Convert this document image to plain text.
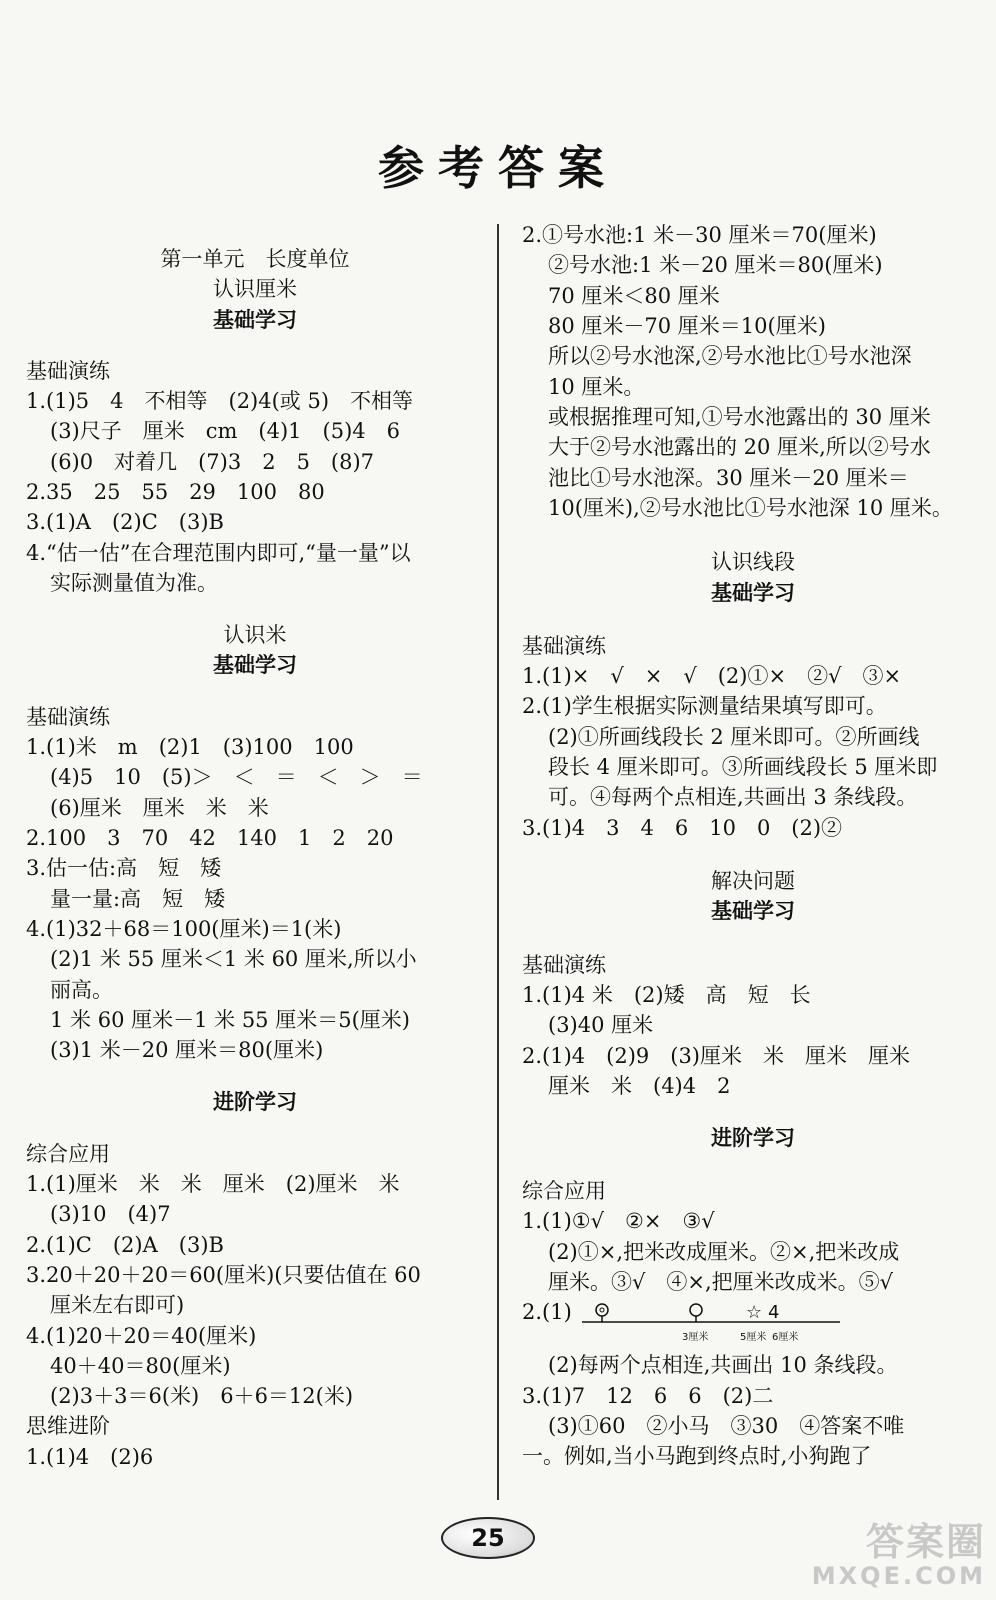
参考答案
第一单元　长度单位
认识厘米
基础学习
基础演练
1.(1)5　4　不相等　(2)4(或 5)　不相等
(3)尺子　厘米　cm　(4)1　(5)4　6
(6)0　对着几　(7)3　2　5　(8)7
2.35　25　55　29　100　80
3.(1)A　(2)C　(3)B
4.“估一估”在合理范围内即可,“量一量”以
实际测量值为准。
认识米
基础学习
基础演练
1.(1)米　m　(2)1　(3)100　100
(4)5　10　(5)＞　＜　＝　＜　＞　＝
(6)厘米　厘米　米　米
2.100　3　70　42　140　1　2　20
3.估一估:高　短　矮
量一量:高　短　矮
4.(1)32＋68＝100(厘米)＝1(米)
(2)1 米 55 厘米＜1 米 60 厘米,所以小
丽高。
1 米 60 厘米－1 米 55 厘米＝5(厘米)
(3)1 米－20 厘米＝80(厘米)
进阶学习
综合应用
1.(1)厘米　米　米　厘米　(2)厘米　米
(3)10　(4)7
2.(1)C　(2)A　(3)B
3.20＋20＋20＝60(厘米)(只要估值在 60
厘米左右即可)
4.(1)20＋20＝40(厘米)
40＋40＝80(厘米)
(2)3＋3＝6(米)　6＋6＝12(米)
思维进阶
1.(1)4　(2)6
☆ 4
3厘米	5厘米 6厘米
2.①号水池:1 米－30 厘米＝70(厘米)
②号水池:1 米－20 厘米＝80(厘米)
70 厘米＜80 厘米
80 厘米－70 厘米＝10(厘米)
所以②号水池深,②号水池比①号水池深
10 厘米。
或根据推理可知,①号水池露出的 30 厘米
大于②号水池露出的 20 厘米,所以②号水
池比①号水池深。30 厘米－20 厘米＝
10(厘米),②号水池比①号水池深 10 厘米。
认识线段
基础学习
基础演练
1.(1)×　√　×　√　(2)①×　②√　③×
2.(1)学生根据实际测量结果填写即可。
(2)①所画线段长 2 厘米即可。②所画线
段长 4 厘米即可。③所画线段长 5 厘米即
可。④每两个点相连,共画出 3 条线段。
3.(1)4　3　4　6　10　0　(2)②
解决问题
基础学习
基础演练
1.(1)4 米　(2)矮　高　短　长
(3)40 厘米
2.(1)4　(2)9　(3)厘米　米　厘米　厘米
厘米　米　(4)4　2
进阶学习
综合应用
1.(1)①√　②×　③√
(2)①×,把米改成厘米。②×,把米改成
厘米。③√　④×,把厘米改成米。⑤√
2.(1)
(2)每两个点相连,共画出 10 条线段。
3.(1)7　12　6　6　(2)二
(3)①60　②小马　③30　④答案不唯
一。例如,当小马跑到终点时,小狗跑了
25	答案圈
MXQE.COM
